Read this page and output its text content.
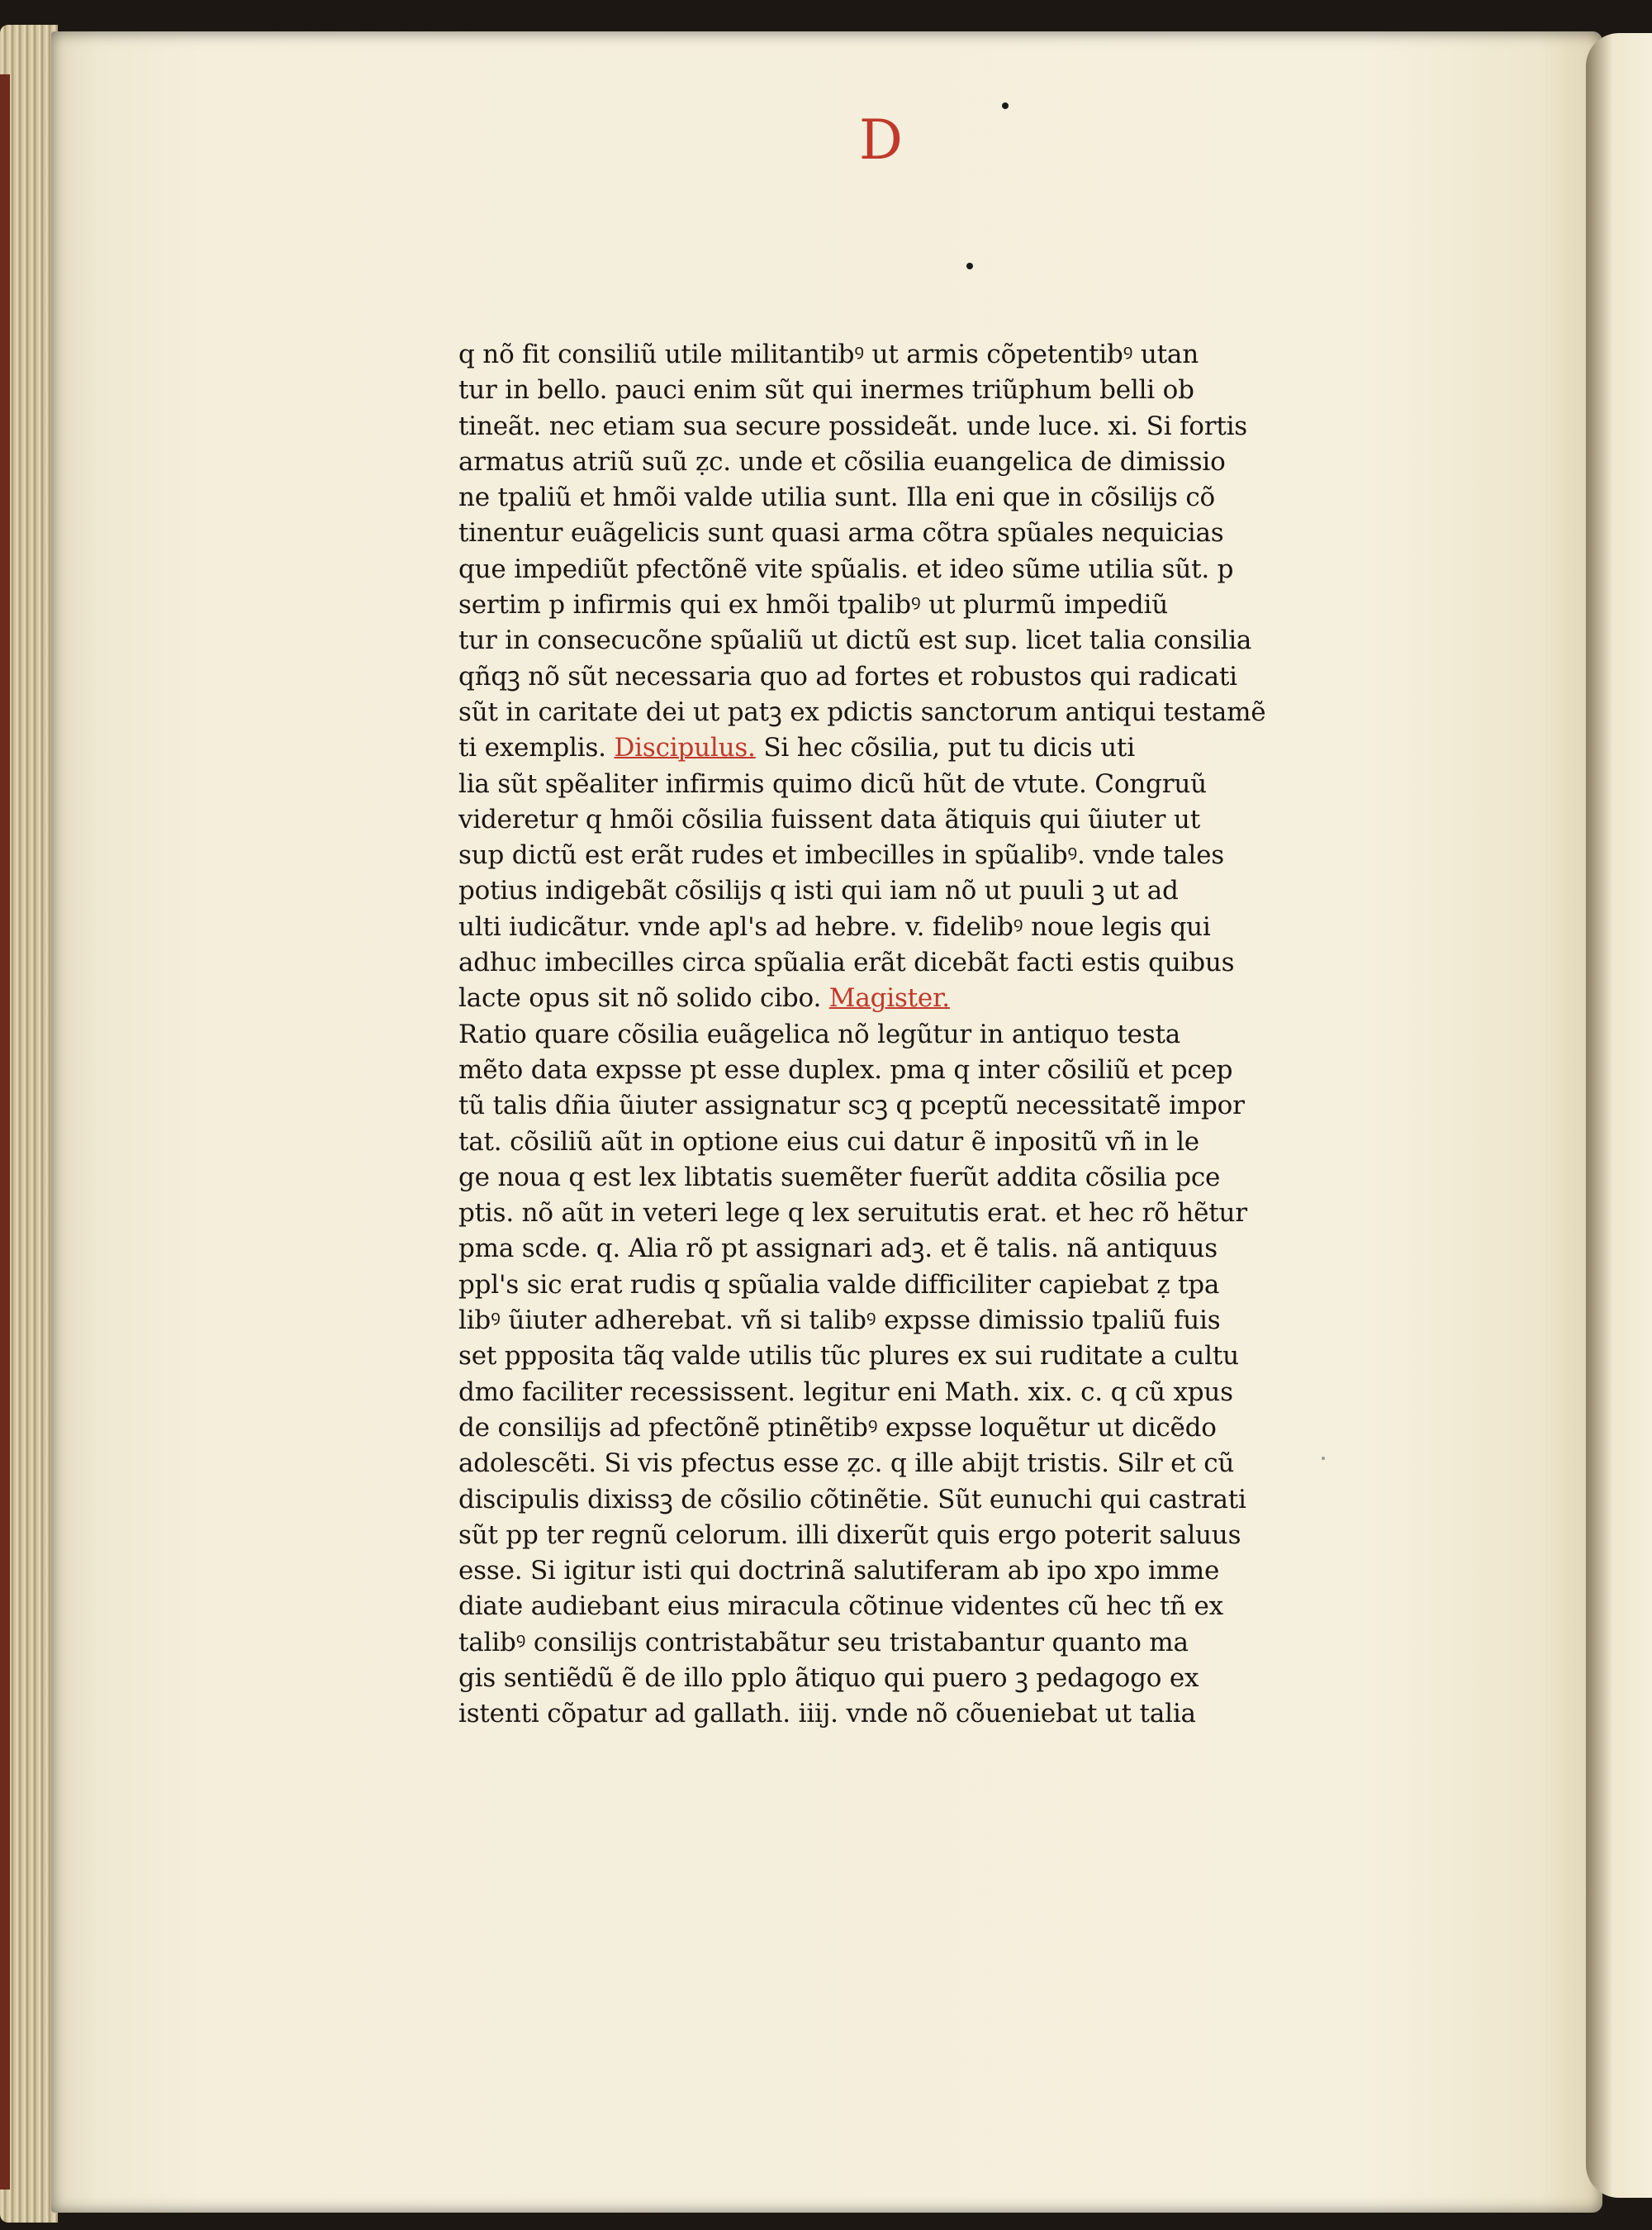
D
q nõ fit consiliũ utile militantibꝰ ut armis cõpetentibꝰ utan
tur in bello. pauci enim sũt qui inermes triũphum belli ob
tineãt. nec etiam sua secure possideãt. unde luce. xi. Si fortis
armatus atriũ suũ ẓc. unde et cõsilia euangelica de dimissio
ne tpaliũ et hmõi valde utilia sunt. Illa eni que in cõsilijs cõ
tinentur euãgelicis sunt quasi arma cõtra spũales nequicias
que impediũt pfectõnẽ vite spũalis. et ideo sũme utilia sũt. p
sertim p infirmis qui ex hmõi tpalibꝰ ut plurmũ impediũ
tur in consecucõne spũaliũ ut dictũ est sup. licet talia consilia
qñqꝫ nõ sũt necessaria quo ad fortes et robustos qui radicati
sũt in caritate dei ut patꝫ ex pdictis sanctorum antiqui testamẽ
ti exemplis. Discipulus. Si hec cõsilia, put tu dicis uti
lia sũt spẽaliter infirmis quimo dicũ hũt de vtute. Congruũ
videretur q hmõi cõsilia fuissent data ãtiquis qui ũiuter ut
sup dictũ est erãt rudes et imbecilles in spũalibꝰ. vnde tales
potius indigebãt cõsilijs q isti qui iam nõ ut puuli ꝫ ut ad
ulti iudicãtur. vnde apl's ad hebre. v. fidelibꝰ noue legis qui
adhuc imbecilles circa spũalia erãt dicebãt facti estis quibus
lacte opus sit nõ solido cibo. Magister.
Ratio quare cõsilia euãgelica nõ legũtur in antiquo testa
mẽto data expsse pt esse duplex. pma q inter cõsiliũ et pcep
tũ talis dñia ũiuter assignatur scꝫ q pceptũ necessitatẽ impor
tat. cõsiliũ aũt in optione eius cui datur ẽ inpositũ vñ in le
ge noua q est lex libtatis suemẽter fuerũt addita cõsilia pce
ptis. nõ aũt in veteri lege q lex seruitutis erat. et hec rõ hẽtur
pma scde. q. Alia rõ pt assignari adꝫ. et ẽ talis. nã antiquus
ppl's sic erat rudis q spũalia valde difficiliter capiebat ẓ tpa
libꝰ ũiuter adherebat. vñ si talibꝰ expsse dimissio tpaliũ fuis
set ppposita tãq valde utilis tũc plures ex sui ruditate a cultu
dmo faciliter recessissent. legitur eni Math. xix. c. q cũ xpus
de consilijs ad pfectõnẽ ptinẽtibꝰ expsse loquẽtur ut dicẽdo
adolescẽti. Si vis pfectus esse ẓc. q ille abijt tristis. Silr et cũ
discipulis dixissꝫ de cõsilio cõtinẽtie. Sũt eunuchi qui castrati
sũt pp ter regnũ celorum. illi dixerũt quis ergo poterit saluus
esse. Si igitur isti qui doctrinã salutiferam ab ipo xpo imme
diate audiebant eius miracula cõtinue videntes cũ hec tñ ex
talibꝰ consilijs contristabãtur seu tristabantur quanto ma
gis sentiẽdũ ẽ de illo pplo ãtiquo qui puero ꝫ pedagogo ex
istenti cõpatur ad gallath. iiij. vnde nõ cõueniebat ut talia
